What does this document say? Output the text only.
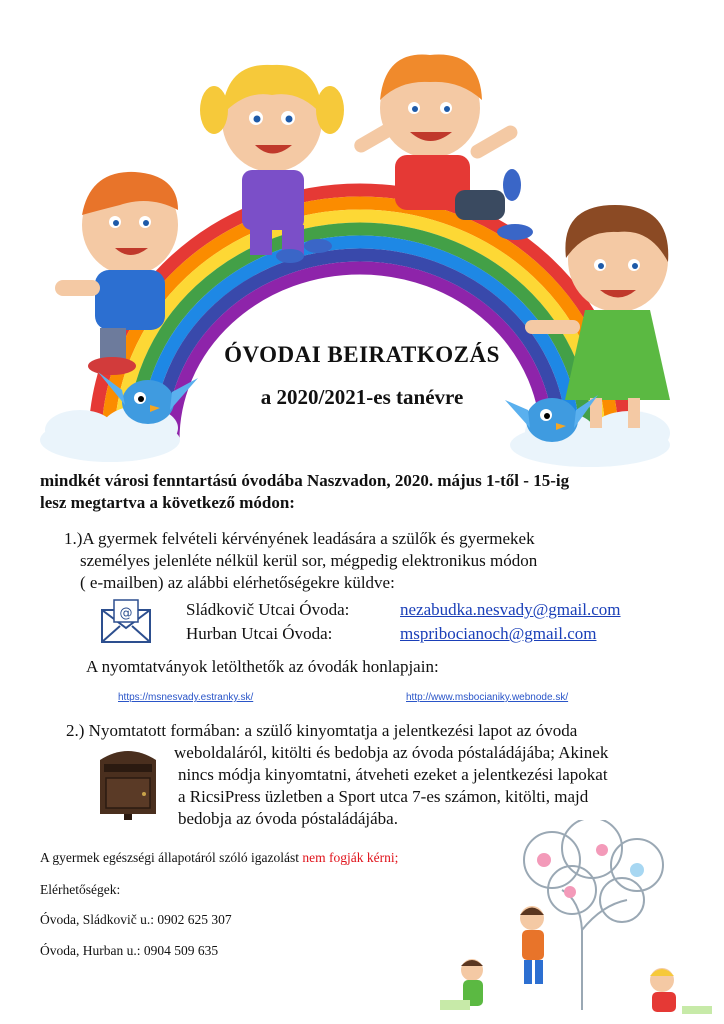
ÓVODAI BEIRATKOZÁS
a 2020/2021-es tanévre
mindkét városi fenntartású óvodába Naszvadon, 2020. május 1-től - 15-ig
lesz megtartva a következő módon:
1.)A gyermek felvételi kérvényének leadására a szülők és gyermekek
személyes jelenléte nélkül kerül sor, mégpedig elektronikus módon
( e-mailben) az alábbi elérhetőségekre küldve:
@	Sládkovič Utcai Óvoda:	nezabudka.nesvady@gmail.com
Hurban Utcai Óvoda:	mspribocianoch@gmail.com
A nyomtatványok letölthetők az óvodák honlapjain:
https://msnesvady.estranky.sk/	http://www.msbocianiky.webnode.sk/
2.) Nyomtatott formában: a szülő kinyomtatja a jelentkezési lapot az óvoda
weboldaláról, kitölti és bedobja az óvoda póstaládájába; Akinek
nincs módja kinyomtatni, átveheti ezeket a jelentkezési lapokat
a RicsiPress üzletben a Sport utca 7-es számon, kitölti, majd
bedobja az óvoda póstaládájába.
A gyermek egészségi állapotáról szóló igazolást nem fogják kérni;
Elérhetőségek:
Óvoda, Sládkovič u.: 0902 625 307
Óvoda, Hurban u.: 0904 509 635
